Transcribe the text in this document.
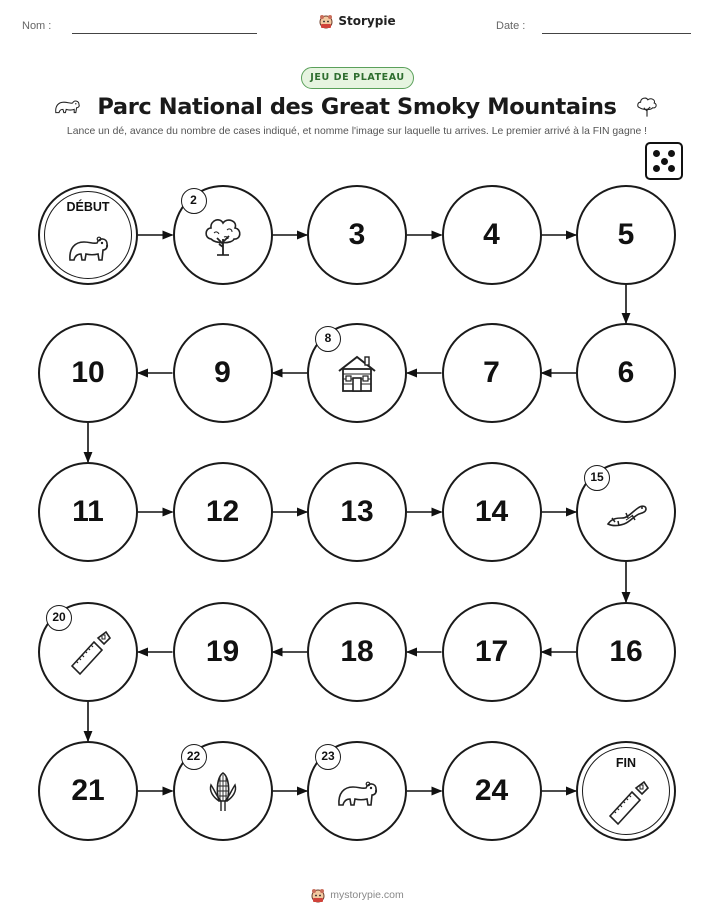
Nom :	Storypie	Date :
JEU DE PLATEAU
Parc National des Great Smoky Mountains
Lance un dé, avance du nombre de cases indiqué, et nomme l'image sur laquelle tu arrives. Le premier arrivé à la FIN gagne !
DÉBUT	2
3	4	5
6
7
8
9
10
11	12	13	14
15
16
17
18
19
20
21
22	23
24
FIN
mystorypie.com
